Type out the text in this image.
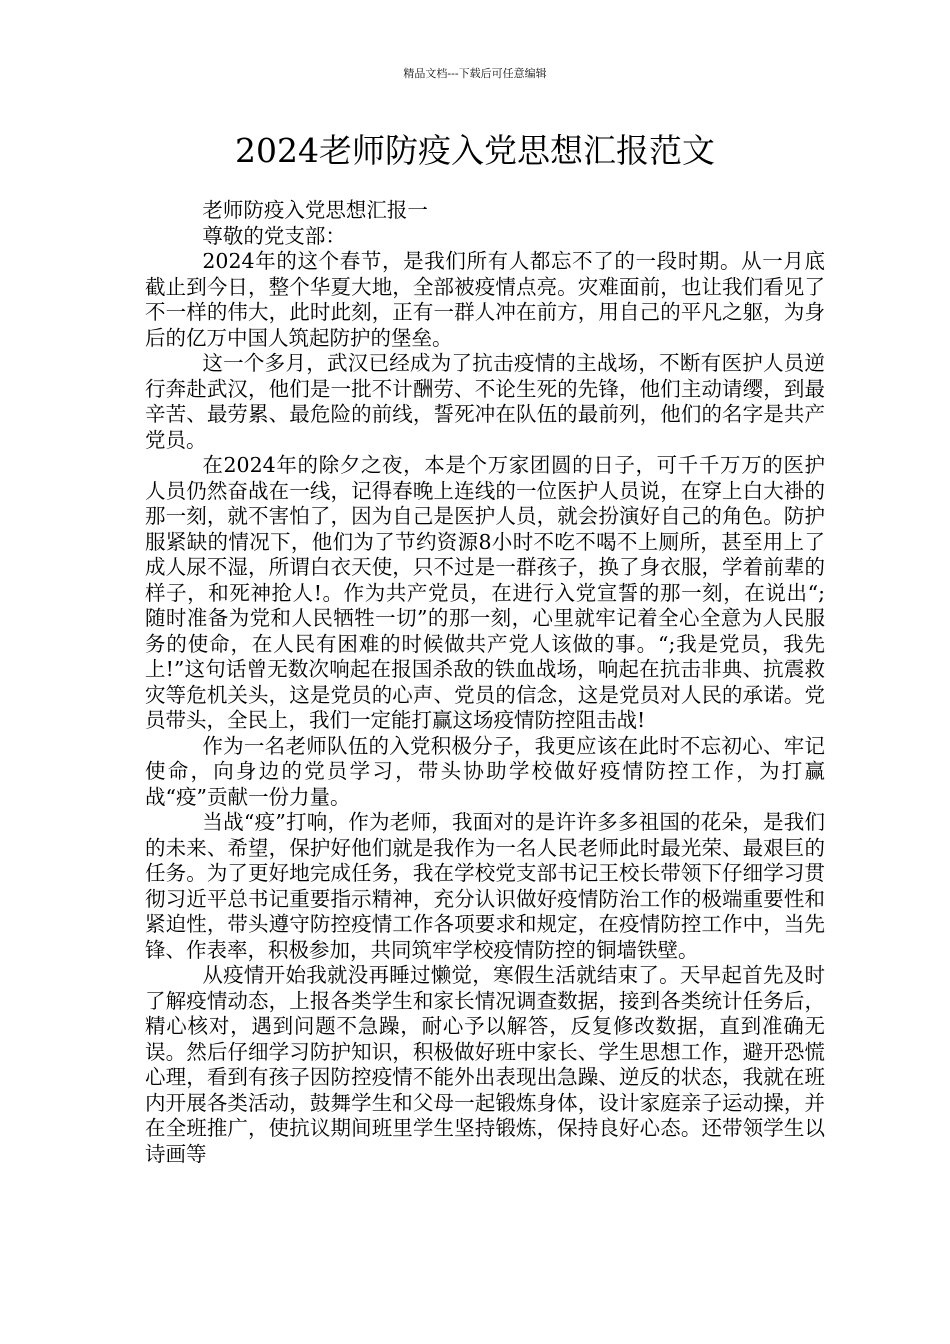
精品文档---下载后可任意编辑
2024老师防疫入党思想汇报范文

老师防疫入党思想汇报一

尊敬的党支部：

2024年的这个春节，是我们所有人都忘不了的一段时期。从一月底截止到今日，整个华夏大地，全部被疫情点亮。灾难面前，也让我们看见了不一样的伟大，此时此刻，正有一群人冲在前方，用自己的平凡之躯，为身后的亿万中国人筑起防护的堡垒。

这一个多月，武汉已经成为了抗击疫情的主战场，不断有医护人员逆行奔赴武汉，他们是一批不计酬劳、不论生死的先锋，他们主动请缨，到最辛苦、最劳累、最危险的前线，誓死冲在队伍的最前列，他们的名字是共产党员。

在2024年的除夕之夜，本是个万家团圆的日子，可千千万万的医护人员仍然奋战在一线，记得春晚上连线的一位医护人员说，在穿上白大褂的那一刻，就不害怕了，因为自己是医护人员，就会扮演好自己的角色。防护服紧缺的情况下，他们为了节约资源8小时不吃不喝不上厕所，甚至用上了成人尿不湿，所谓白衣天使，只不过是一群孩子，换了身衣服，学着前辈的样子，和死神抢人!。作为共产党员，在进行入党宣誓的那一刻，在说出“;随时准备为党和人民牺牲一切”的那一刻，心里就牢记着全心全意为人民服务的使命，在人民有困难的时候做共产党人该做的事。“;我是党员，我先上!”这句话曾无数次响起在报国杀敌的铁血战场，响起在抗击非典、抗震救灾等危机关头，这是党员的心声、党员的信念，这是党员对人民的承诺。党员带头，全民上，我们一定能打赢这场疫情防控阻击战!

作为一名老师队伍的入党积极分子，我更应该在此时不忘初心、牢记使命，向身边的党员学习，带头协助学校做好疫情防控工作，为打赢战“疫”贡献一份力量。

当战“疫”打响，作为老师，我面对的是许许多多祖国的花朵，是我们的未来、希望，保护好他们就是我作为一名人民老师此时最光荣、最艰巨的任务。为了更好地完成任务，我在学校党支部书记王校长带领下仔细学习贯彻习近平总书记重要指示精神，充分认识做好疫情防治工作的极端重要性和紧迫性，带头遵守防控疫情工作各项要求和规定，在疫情防控工作中，当先锋、作表率，积极参加，共同筑牢学校疫情防控的铜墙铁壁。

从疫情开始我就没再睡过懒觉，寒假生活就结束了。天早起首先及时了解疫情动态，上报各类学生和家长情况调查数据，接到各类统计任务后，精心核对，遇到问题不急躁，耐心予以解答，反复修改数据，直到准确无误。然后仔细学习防护知识，积极做好班中家长、学生思想工作，避开恐慌心理，看到有孩子因防控疫情不能外出表现出急躁、逆反的状态，我就在班内开展各类活动，鼓舞学生和父母一起锻炼身体，设计家庭亲子运动操，并在全班推广，使抗议期间班里学生坚持锻炼，保持良好心态。还带领学生以诗画等
